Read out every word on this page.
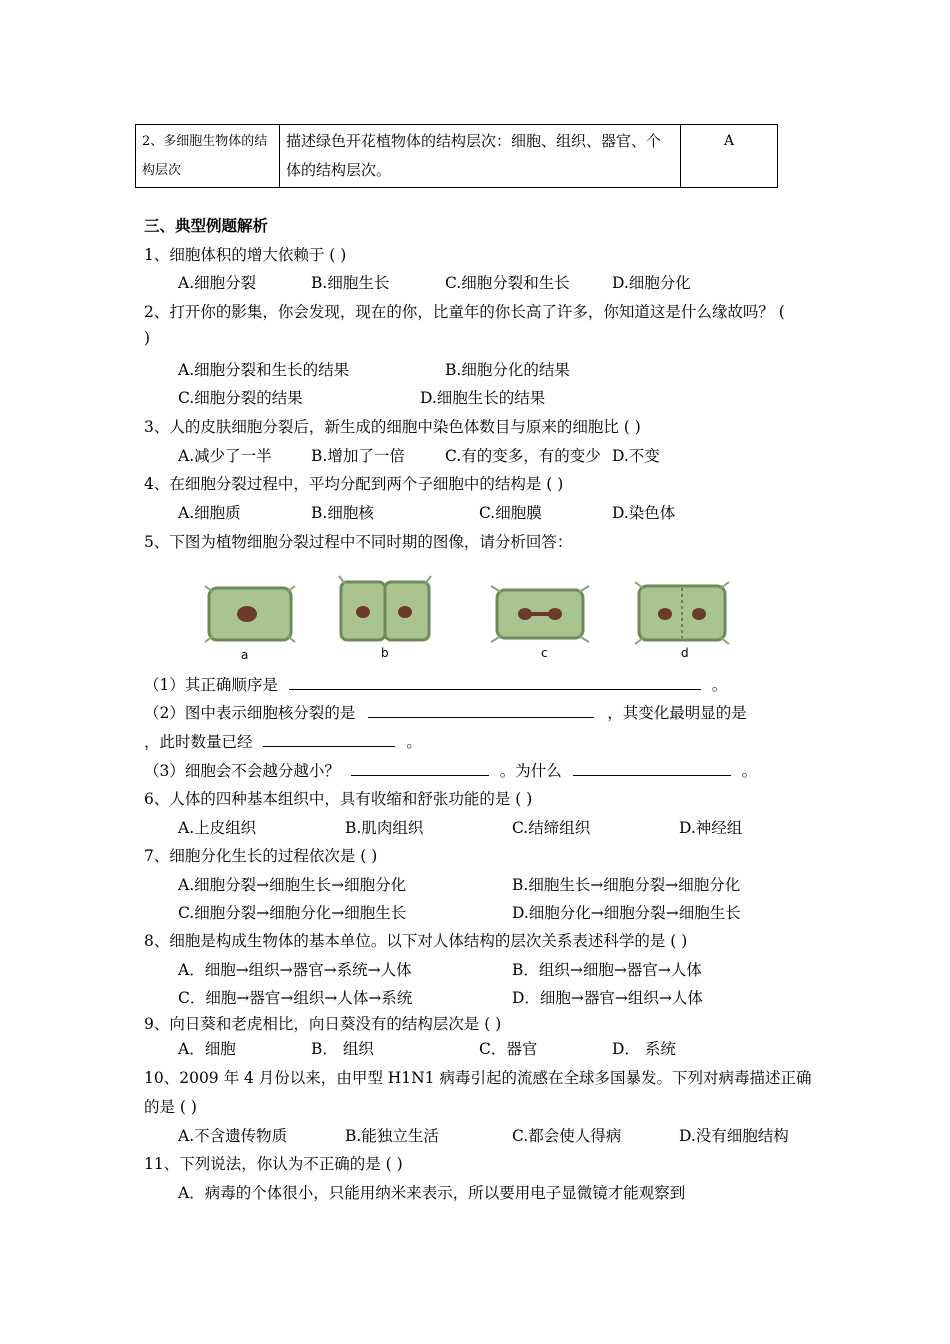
2、多细胞生物体的结构层次	描述绿色开花植物体的结构层次：细胞、组织、器官、个体的结构层次。	A
三、典型例题解析
1、细胞体积的增大依赖于 ( )
A.细胞分裂	B.细胞生长	C.细胞分裂和生长	D.细胞分化
2、打开你的影集，你会发现，现在的你，比童年的你长高了许多，你知道这是什么缘故吗？ (
)
A.细胞分裂和生长的结果	B.细胞分化的结果
C.细胞分裂的结果	D.细胞生长的结果
3、人的皮肤细胞分裂后，新生成的细胞中染色体数目与原来的细胞比 ( )
A.减少了一半	B.增加了一倍	C.有的变多，有的变少 D.不变
4、在细胞分裂过程中，平均分配到两个子细胞中的结构是 ( )
A.细胞质	B.细胞核	C.细胞膜	D.染色体
5、下图为植物细胞分裂过程中不同时期的图像，请分析回答：
a	b	c	d
（1）其正确顺序是	。
（2）图中表示细胞核分裂的是	，其变化最明显的是
，此时数量已经	。
（3）细胞会不会越分越小？	。为什么	。
6、人体的四种基本组织中，具有收缩和舒张功能的是 ( )
A.上皮组织	B.肌肉组织	C.结缔组织	D.神经组
7、细胞分化生长的过程依次是 ( )
A.细胞分裂→细胞生长→细胞分化	B.细胞生长→细胞分裂→细胞分化
C.细胞分裂→细胞分化→细胞生长	D.细胞分化→细胞分裂→细胞生长
8、细胞是构成生物体的基本单位。以下对人体结构的层次关系表述科学的是 ( )
A．细胞→组织→器官→系统→人体	B．组织→细胞→器官→人体
C．细胞→器官→组织→人体→系统	D．细胞→器官→组织→人体
9、向日葵和老虎相比，向日葵没有的结构层次是 ( )
A．细胞	B． 组织	C．器官	D． 系统
10、2009 年 4 月份以来，由甲型 H1N1 病毒引起的流感在全球多国暴发。下列对病毒描述正确
的是 ( )
A.不含遗传物质	B.能独立生活	C.都会使人得病	D.没有细胞结构
11、下列说法，你认为不正确的是 ( )
A．病毒的个体很小，只能用纳米来表示，所以要用电子显微镜才能观察到
